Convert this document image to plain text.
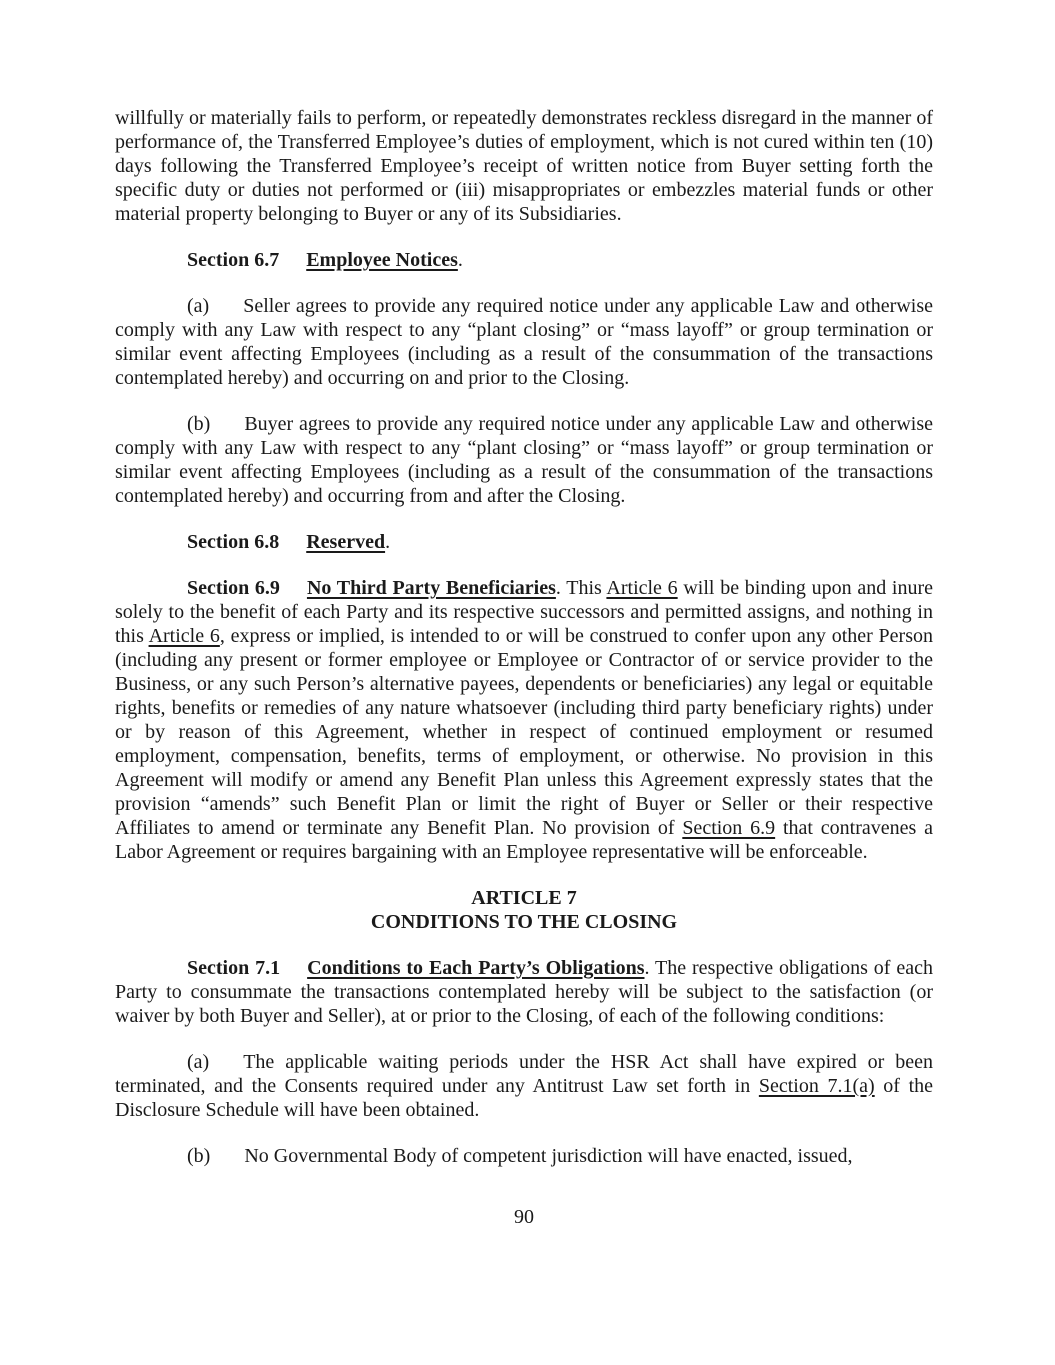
willfully or materially fails to perform, or repeatedly demonstrates reckless disregard in the manner of performance of, the Transferred Employee’s duties of employment, which is not cured within ten (10) days following the Transferred Employee’s receipt of written notice from Buyer setting forth the specific duty or duties not performed or (iii) misappropriates or embezzles material funds or other material property belonging to Buyer or any of its Subsidiaries.

Section 6.7 Employee Notices.

(a) Seller agrees to provide any required notice under any applicable Law and otherwise comply with any Law with respect to any “plant closing” or “mass layoff” or group termination or similar event affecting Employees (including as a result of the consummation of the transactions contemplated hereby) and occurring on and prior to the Closing.

(b) Buyer agrees to provide any required notice under any applicable Law and otherwise comply with any Law with respect to any “plant closing” or “mass layoff” or group termination or similar event affecting Employees (including as a result of the consummation of the transactions contemplated hereby) and occurring from and after the Closing.

Section 6.8 Reserved.

Section 6.9 No Third Party Beneficiaries. This Article 6 will be binding upon and inure solely to the benefit of each Party and its respective successors and permitted assigns, and nothing in this Article 6, express or implied, is intended to or will be construed to confer upon any other Person (including any present or former employee or Employee or Contractor of or service provider to the Business, or any such Person’s alternative payees, dependents or beneficiaries) any legal or equitable rights, benefits or remedies of any nature whatsoever (including third party beneficiary rights) under or by reason of this Agreement, whether in respect of continued employment or resumed employment, compensation, benefits, terms of employment, or otherwise. No provision in this Agreement will modify or amend any Benefit Plan unless this Agreement expressly states that the provision “amends” such Benefit Plan or limit the right of Buyer or Seller or their respective Affiliates to amend or terminate any Benefit Plan. No provision of Section 6.9 that contravenes a Labor Agreement or requires bargaining with an Employee representative will be enforceable.

ARTICLE 7

CONDITIONS TO THE CLOSING

Section 7.1 Conditions to Each Party’s Obligations. The respective obligations of each Party to consummate the transactions contemplated hereby will be subject to the satisfaction (or waiver by both Buyer and Seller), at or prior to the Closing, of each of the following conditions:

(a) The applicable waiting periods under the HSR Act shall have expired or been terminated, and the Consents required under any Antitrust Law set forth in Section 7.1(a) of the Disclosure Schedule will have been obtained.

(b) No Governmental Body of competent jurisdiction will have enacted, issued,

90
